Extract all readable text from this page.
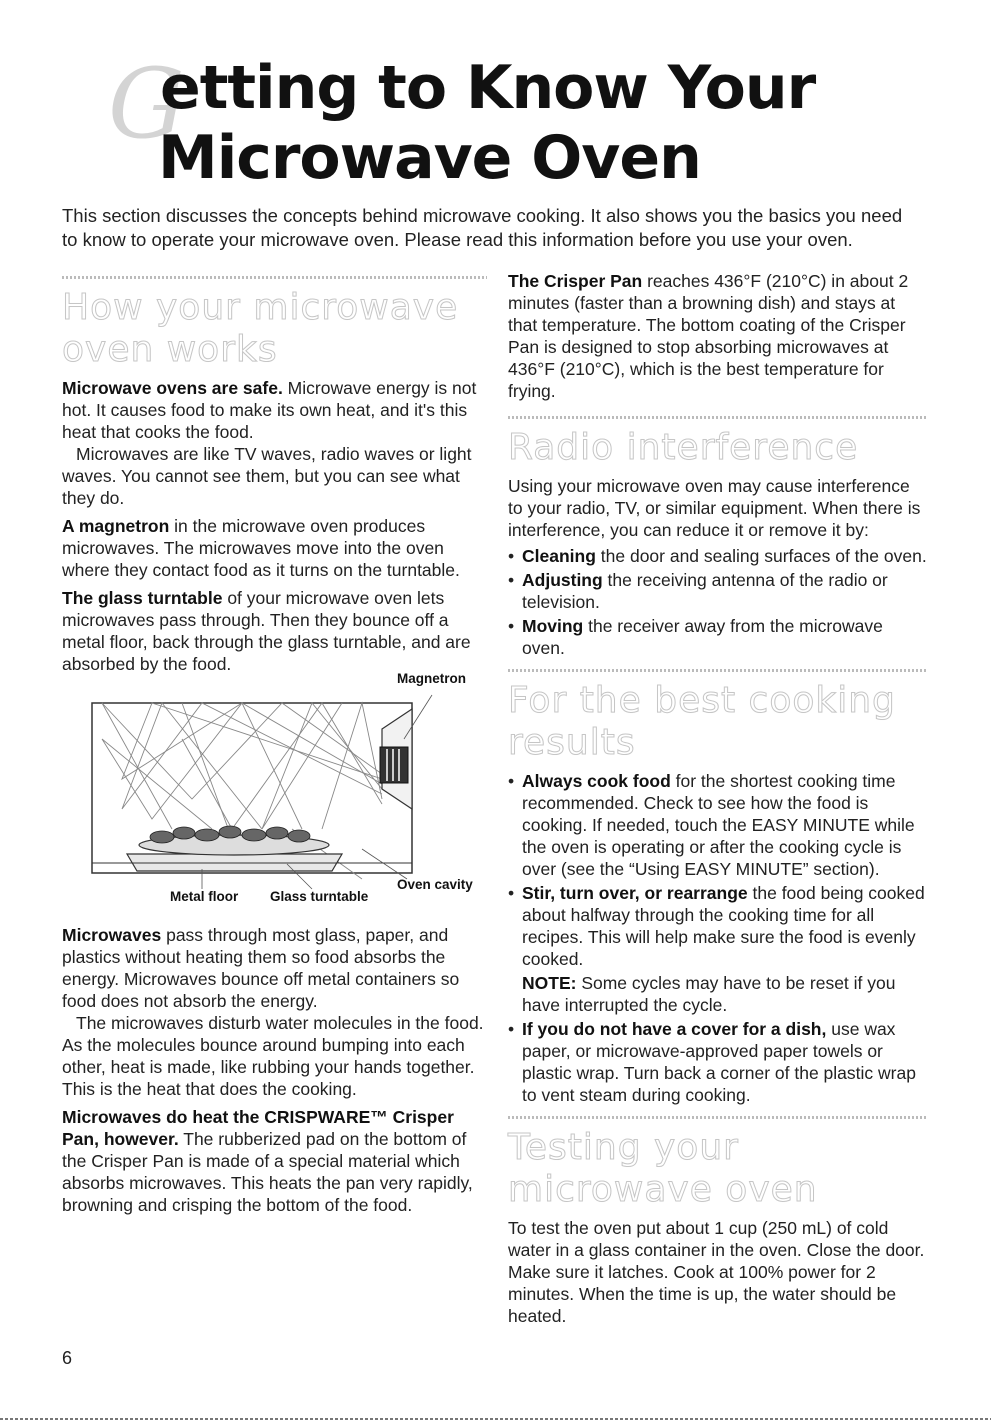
G
etting to Know Your
Microwave Oven
This section discusses the concepts behind microwave cooking. It also shows you the basics you need to know to operate your microwave oven. Please read this information before you use your oven.
How your microwave oven works

Microwave ovens are safe. Microwave energy is not hot. It causes food to make its own heat, and it's this heat that cooks the food.

Microwaves are like TV waves, radio waves or light waves. You cannot see them, but you can see what they do.

A magnetron in the microwave oven produces microwaves. The microwaves move into the oven where they contact food as it turns on the turntable.

The glass turntable of your microwave oven lets microwaves pass through. Then they bounce off a metal floor, back through the glass turntable, and are absorbed by the food.

Magnetron
Oven cavity
Metal floor Glass turntable

Microwaves pass through most glass, paper, and plastics without heating them so food absorbs the energy. Microwaves bounce off metal containers so food does not absorb the energy.

The microwaves disturb water molecules in the food. As the molecules bounce around bumping into each other, heat is made, like rubbing your hands together. This is the heat that does the cooking.

Microwaves do heat the CRISPWARE™ Crisper Pan, however. The rubberized pad on the bottom of the Crisper Pan is made of a special material which absorbs microwaves. This heats the pan very rapidly, browning and crisping the bottom of the food.

The Crisper Pan reaches 436°F (210°C) in about 2 minutes (faster than a browning dish) and stays at that temperature. The bottom coating of the Crisper Pan is designed to stop absorbing microwaves at 436°F (210°C), which is the best temperature for frying.

Radio interference

Using your microwave oven may cause interference to your radio, TV, or similar equipment. When there is interference, you can reduce it or remove it by:

• Cleaning the door and sealing surfaces of the oven.
• Adjusting the receiving antenna of the radio or television.
• Moving the receiver away from the microwave oven.
For the best cooking results
• Always cook food for the shortest cooking time recommended. Check to see how the food is cooking. If needed, touch the EASY MINUTE while the oven is operating or after the cooking cycle is over (see the “Using EASY MINUTE” section).
• Stir, turn over, or rearrange the food being cooked about halfway through the cooking time for all recipes. This will help make sure the food is evenly cooked.
NOTE: Some cycles may have to be reset if you have interrupted the cycle.
• If you do not have a cover for a dish, use wax paper, or microwave-approved paper towels or plastic wrap. Turn back a corner of the plastic wrap to vent steam during cooking.
Testing your microwave oven

To test the oven put about 1 cup (250 mL) of cold water in a glass container in the oven. Close the door. Make sure it latches. Cook at 100% power for 2 minutes. When the time is up, the water should be heated.

6
